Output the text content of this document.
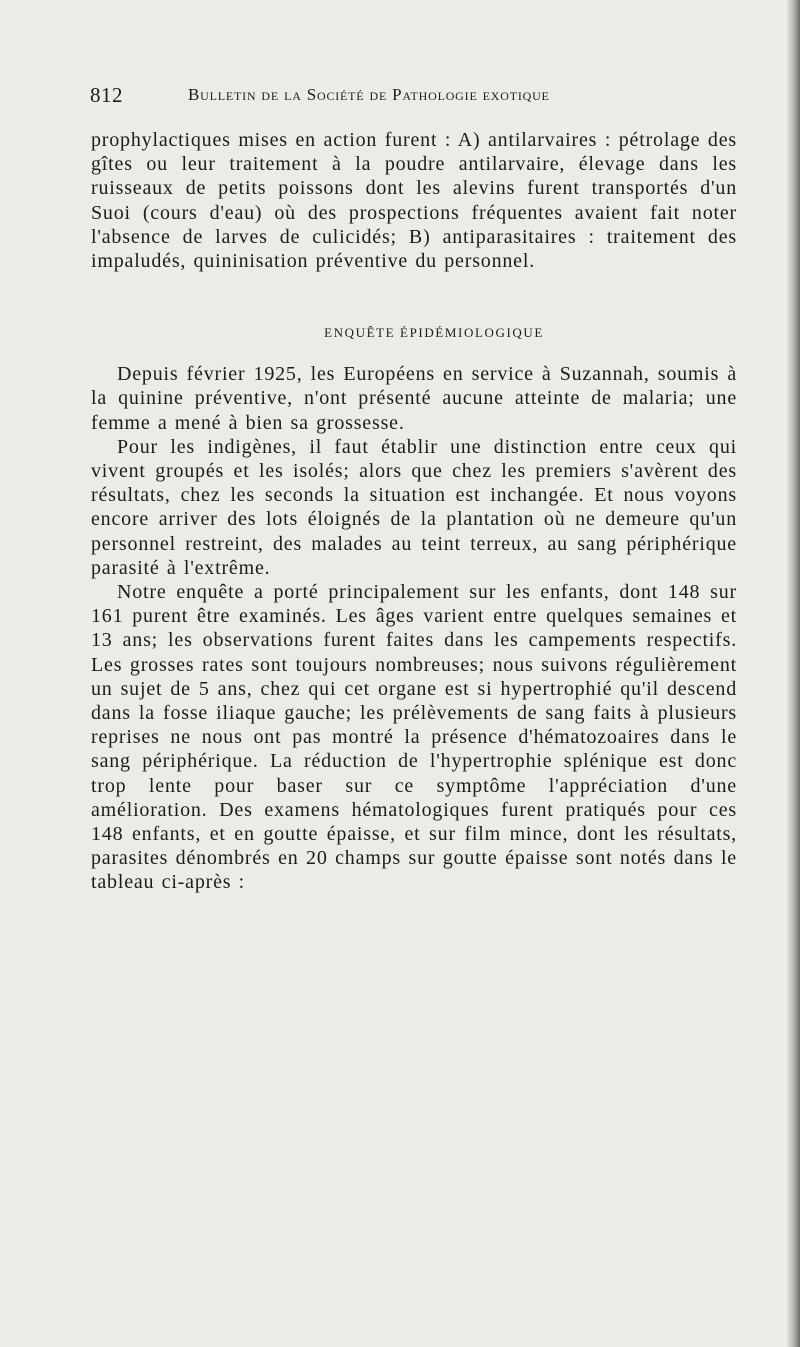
812	Bulletin de la Société de Pathologie exotique

prophylactiques mises en action furent : A) antilarvaires : pétrolage des gîtes ou leur traitement à la poudre antilarvaire, élevage dans les ruisseaux de petits poissons dont les alevins furent transportés d'un Suoi (cours d'eau) où des prospections fréquentes avaient fait noter l'absence de larves de culicidés; B) antiparasitaires : traitement des impaludés, quininisation préventive du personnel.

ENQUÊTE ÉPIDÉMIOLOGIQUE

Depuis février 1925, les Européens en service à Suzannah, soumis à la quinine préventive, n'ont présenté aucune atteinte de malaria; une femme a mené à bien sa grossesse.

Pour les indigènes, il faut établir une distinction entre ceux qui vivent groupés et les isolés; alors que chez les premiers s'avèrent des résultats, chez les seconds la situation est inchangée. Et nous voyons encore arriver des lots éloignés de la plantation où ne demeure qu'un personnel restreint, des malades au teint terreux, au sang périphérique parasité à l'extrême.

Notre enquête a porté principalement sur les enfants, dont 148 sur 161 purent être examinés. Les âges varient entre quelques semaines et 13 ans; les observations furent faites dans les campements respectifs. Les grosses rates sont toujours nombreuses; nous suivons régulièrement un sujet de 5 ans, chez qui cet organe est si hypertrophié qu'il descend dans la fosse iliaque gauche; les prélèvements de sang faits à plusieurs reprises ne nous ont pas montré la présence d'hématozoaires dans le sang périphérique. La réduction de l'hypertrophie splénique est donc trop lente pour baser sur ce symptôme l'appréciation d'une amélioration. Des examens hématologiques furent pratiqués pour ces 148 enfants, et en goutte épaisse, et sur film mince, dont les résultats, parasites dénombrés en 20 champs sur goutte épaisse sont notés dans le tableau ci-après :
